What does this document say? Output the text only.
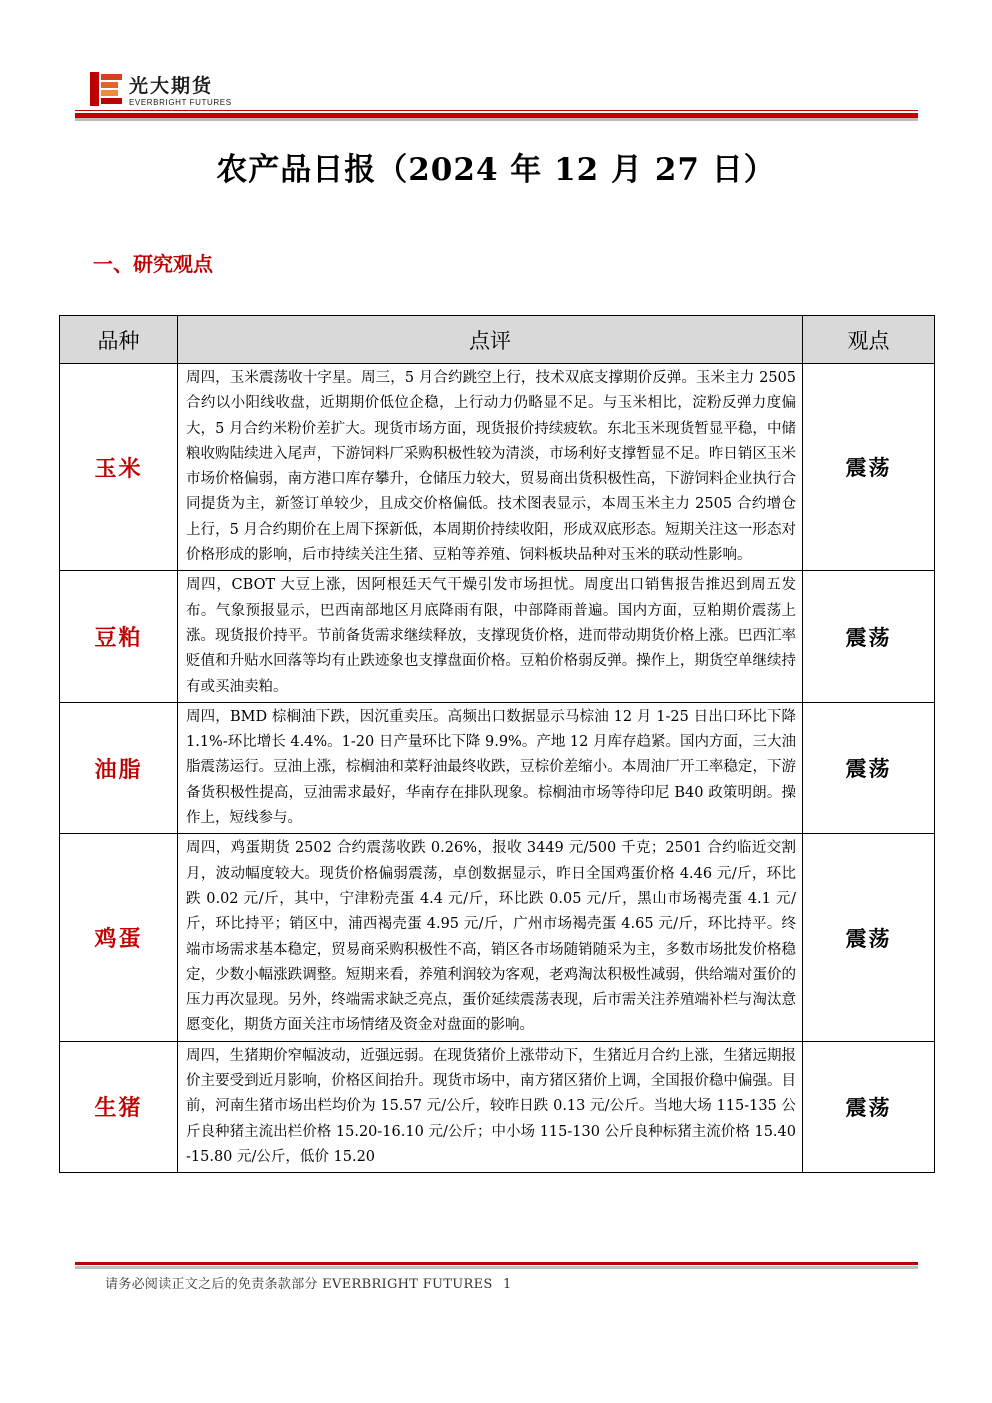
光大期货
EVERBRIGHT FUTURES
农产品日报（2024 年 12 月 27 日）
一、研究观点
品种	点评	观点
玉米	周四，玉米震荡收十字星。周三，5 月合约跳空上行，技术双底支撑期价反弹。玉米主力 2505 合约以小阳线收盘，近期期价低位企稳，上行动力仍略显不足。与玉米相比，淀粉反弹力度偏大，5 月合约米粉价差扩大。现货市场方面，现货报价持续疲软。东北玉米现货暂显平稳，中储粮收购陆续进入尾声，下游饲料厂采购积极性较为清淡，市场利好支撑暂显不足。昨日销区玉米市场价格偏弱，南方港口库存攀升，仓储压力较大，贸易商出货积极性高，下游饲料企业执行合同提货为主，新签订单较少，且成交价格偏低。技术图表显示，本周玉米主力 2505 合约增仓上行，5 月合约期价在上周下探新低，本周期价持续收阳，形成双底形态。短期关注这一形态对价格形成的影响，后市持续关注生猪、豆粕等养殖、饲料板块品种对玉米的联动性影响。	震荡
豆粕	周四，CBOT 大豆上涨，因阿根廷天气干燥引发市场担忧。周度出口销售报告推迟到周五发布。气象预报显示，巴西南部地区月底降雨有限，中部降雨普遍。国内方面，豆粕期价震荡上涨。现货报价持平。节前备货需求继续释放，支撑现货价格，进而带动期货价格上涨。巴西汇率贬值和升贴水回落等均有止跌迹象也支撑盘面价格。豆粕价格弱反弹。操作上，期货空单继续持有或买油卖粕。	震荡
油脂	周四，BMD 棕榈油下跌，因沉重卖压。高频出口数据显示马棕油 12 月 1-25 日出口环比下降 1.1%-环比增长 4.4%。1-20 日产量环比下降 9.9%。产地 12 月库存趋紧。国内方面，三大油脂震荡运行。豆油上涨，棕榈油和菜籽油最终收跌，豆棕价差缩小。本周油厂开工率稳定，下游备货积极性提高，豆油需求最好，华南存在排队现象。棕榈油市场等待印尼 B40 政策明朗。操作上，短线参与。	震荡
鸡蛋	周四，鸡蛋期货 2502 合约震荡收跌 0.26%，报收 3449 元/500 千克；2501 合约临近交割月，波动幅度较大。现货价格偏弱震荡，卓创数据显示，昨日全国鸡蛋价格 4.46 元/斤，环比跌 0.02 元/斤，其中，宁津粉壳蛋 4.4 元/斤，环比跌 0.05 元/斤，黑山市场褐壳蛋 4.1 元/斤，环比持平；销区中，浦西褐壳蛋 4.95 元/斤，广州市场褐壳蛋 4.65 元/斤，环比持平。终端市场需求基本稳定，贸易商采购积极性不高，销区各市场随销随采为主，多数市场批发价格稳定，少数小幅涨跌调整。短期来看，养殖利润较为客观，老鸡淘汰积极性减弱，供给端对蛋价的压力再次显现。另外，终端需求缺乏亮点，蛋价延续震荡表现，后市需关注养殖端补栏与淘汰意愿变化，期货方面关注市场情绪及资金对盘面的影响。	震荡
生猪	周四，生猪期价窄幅波动，近强远弱。在现货猪价上涨带动下，生猪近月合约上涨，生猪远期报价主要受到近月影响，价格区间抬升。现货市场中，南方猪区猪价上调，全国报价稳中偏强。目前，河南生猪市场出栏均价为 15.57 元/公斤，较昨日跌 0.13 元/公斤。当地大场 115-135 公斤良种猪主流出栏价格 15.20-16.10 元/公斤；中小场 115-130 公斤良种标猪主流价格 15.40-15.80 元/公斤，低价 15.20	震荡
请务必阅读正文之后的免责条款部分 EVERBRIGHT FUTURES 1
